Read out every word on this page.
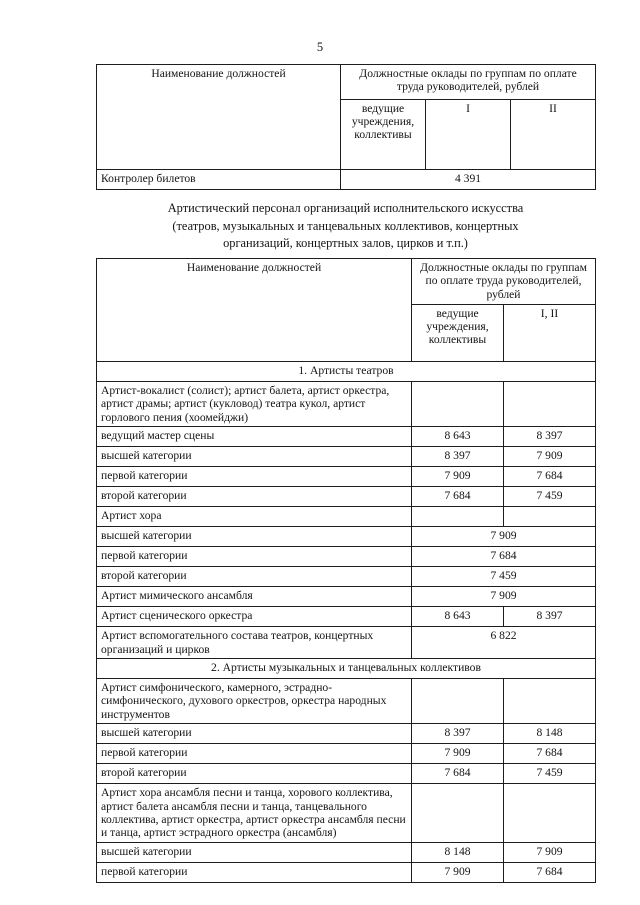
5
Наименование должностей	Должностные оклады по группам по оплате труда руководителей, рублей		
	ведущие учреждения, коллективы	I	II
Контролер билетов	4 391		
Артистический персонал организаций исполнительского искусства
(театров, музыкальных и танцевальных коллективов, концертных
организаций, концертных залов, цирков и т.п.)
Наименование должностей	Должностные оклады по группам по оплате труда руководителей, рублей	
	ведущие учреждения, коллективы	I, II
1. Артисты театров		
Артист-вокалист (солист); артист балета, артист оркестра, артист драмы; артист (кукловод) театра кукол, артист горлового пения (хоомейджи)		
ведущий мастер сцены	8 643	8 397
высшей категории	8 397	7 909
первой категории	7 909	7 684
второй категории	7 684	7 459
Артист хора		
высшей категории	7 909	
первой категории	7 684	
второй категории	7 459	
Артист мимического ансамбля	7 909	
Артист сценического оркестра	8 643	8 397
Артист вспомогательного состава театров, концертных организаций и цирков	6 822	
2. Артисты музыкальных и танцевальных коллективов		
Артист симфонического, камерного, эстрадно-симфонического, духового оркестров, оркестра народных инструментов		
высшей категории	8 397	8 148
первой категории	7 909	7 684
второй категории	7 684	7 459
Артист хора ансамбля песни и танца, хорового коллектива, артист балета ансамбля песни и танца, танцевального коллектива, артист оркестра, артист оркестра ансамбля песни и танца, артист эстрадного оркестра (ансамбля)		
высшей категории	8 148	7 909
первой категории	7 909	7 684
